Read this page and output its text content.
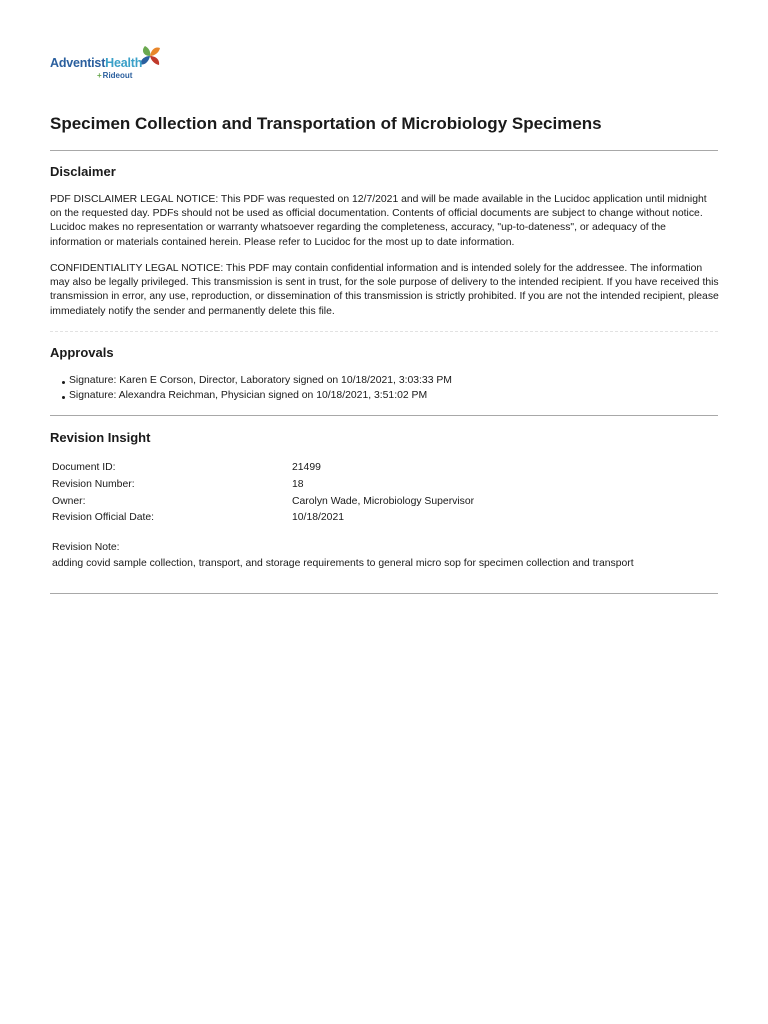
AdventistHealth
+Rideout
Specimen Collection and Transportation of Microbiology Specimens
Disclaimer

PDF DISCLAIMER LEGAL NOTICE: This PDF was requested on 12/7/2021 and will be made available in the Lucidoc application until midnight on the requested day. PDFs should not be used as official documentation. Contents of official documents are subject to change without notice. Lucidoc makes no representation or warranty whatsoever regarding the completeness, accuracy, "up-to-dateness", or adequacy of the information or materials contained herein. Please refer to Lucidoc for the most up to date information.

CONFIDENTIALITY LEGAL NOTICE: This PDF may contain confidential information and is intended solely for the addressee. The information may also be legally privileged. This transmission is sent in trust, for the sole purpose of delivery to the intended recipient. If you have received this transmission in error, any use, reproduction, or dissemination of this transmission is strictly prohibited. If you are not the intended recipient, please immediately notify the sender and permanently delete this file.

Approvals
Signature: Karen E Corson, Director, Laboratory signed on 10/18/2021, 3:03:33 PM
Signature: Alexandra Reichman, Physician signed on 10/18/2021, 3:51:02 PM
Revision Insight
Document ID:	21499
Revision Number:	18
Owner:	Carolyn Wade, Microbiology Supervisor
Revision Official Date:	10/18/2021
Revision Note:
adding covid sample collection, transport, and storage requirements to general micro sop for specimen collection and transport
